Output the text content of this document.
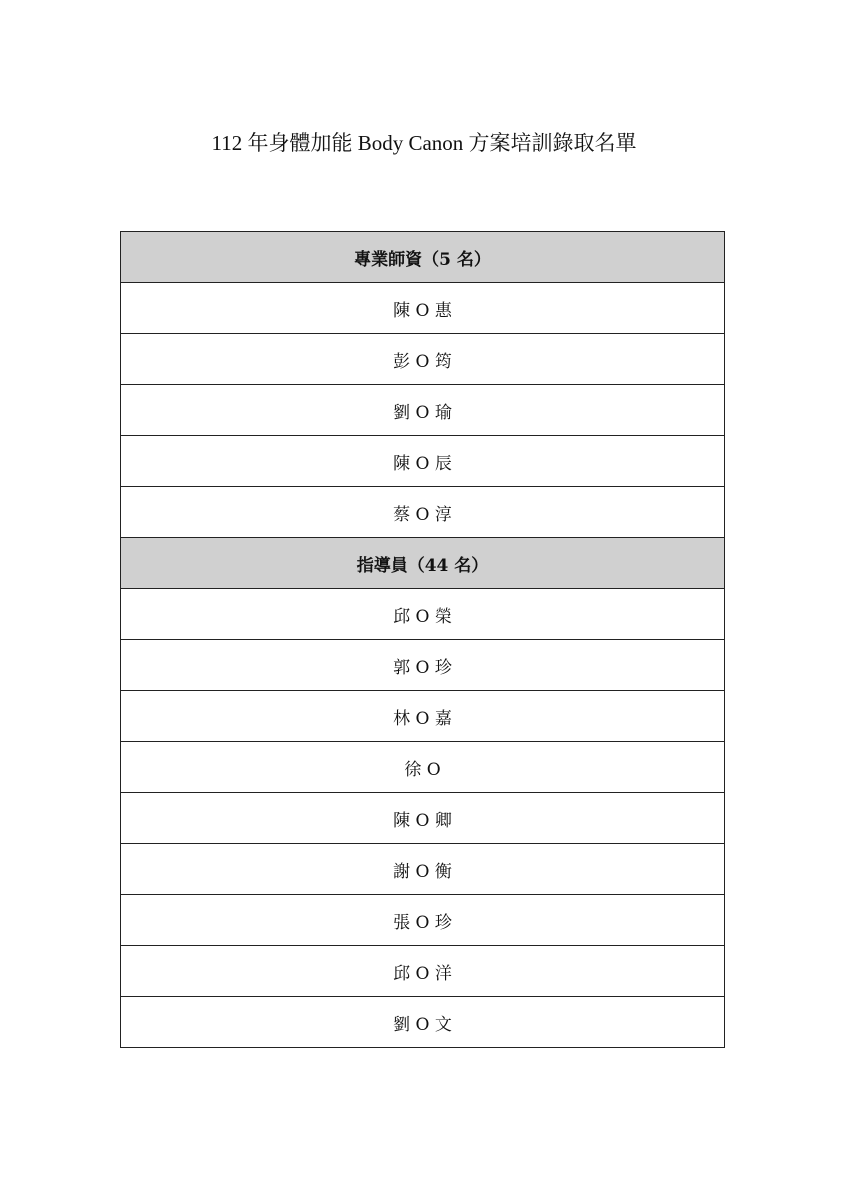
112 年身體加能 Body Canon 方案培訓錄取名單
專業師資（5 名）
陳 O 惠
彭 O 筠
劉 O 瑜
陳 O 辰
蔡 O 淳
指導員（44 名）
邱 O 榮
郭 O 珍
林 O 嘉
徐 O
陳 O 卿
謝 O 衡
張 O 珍
邱 O 洋
劉 O 文
